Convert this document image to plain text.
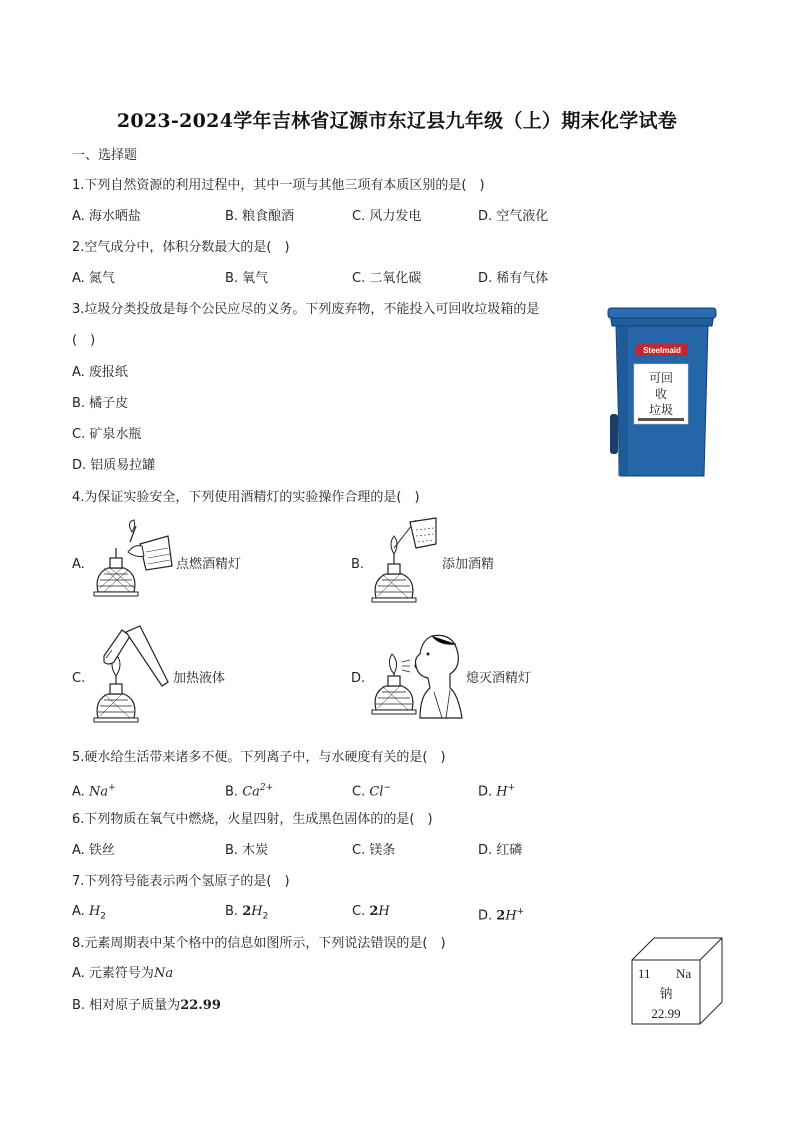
2023-2024学年吉林省辽源市东辽县九年级（上）期末化学试卷
一、选择题
1.下列自然资源的利用过程中，其中一项与其他三项有本质区别的是(　)
A. 海水晒盐	B. 粮食酿酒	C. 风力发电	D. 空气液化
2.空气成分中，体积分数最大的是(　)
A. 氮气	B. 氧气	C. 二氧化碳	D. 稀有气体
3.垃圾分类投放是每个公民应尽的义务。下列废弃物，不能投入可回收垃圾箱的是
(　)
A. 废报纸
B. 橘子皮
C. 矿泉水瓶
D. 铝质易拉罐
Steelmaid
可回
收
垃圾
4.为保证实验安全，下列使用酒精灯的实验操作合理的是(　)
A.	点燃酒精灯	B.	添加酒精
C.	加热液体	D.	熄灭酒精灯
5.硬水给生活带来诸多不便。下列离子中，与水硬度有关的是(　)
A. Na+	B. $Ca^{2+}$	C. Cl−	D. H+
6.下列物质在氧气中燃烧，火星四射，生成黑色固体的的是(　)
A. 铁丝	B. 木炭	C. 镁条	D. 红磷
7.下列符号能表示两个氢原子的是(　)
A. $H_2$	B. $2H_2$	C. 2H	D. 2H+
8.元素周期表中某个格中的信息如图所示，下列说法错误的是(　)
A. 元素符号为Na
B. 相对原子质量为22.99
11 Na
钠
22.99
